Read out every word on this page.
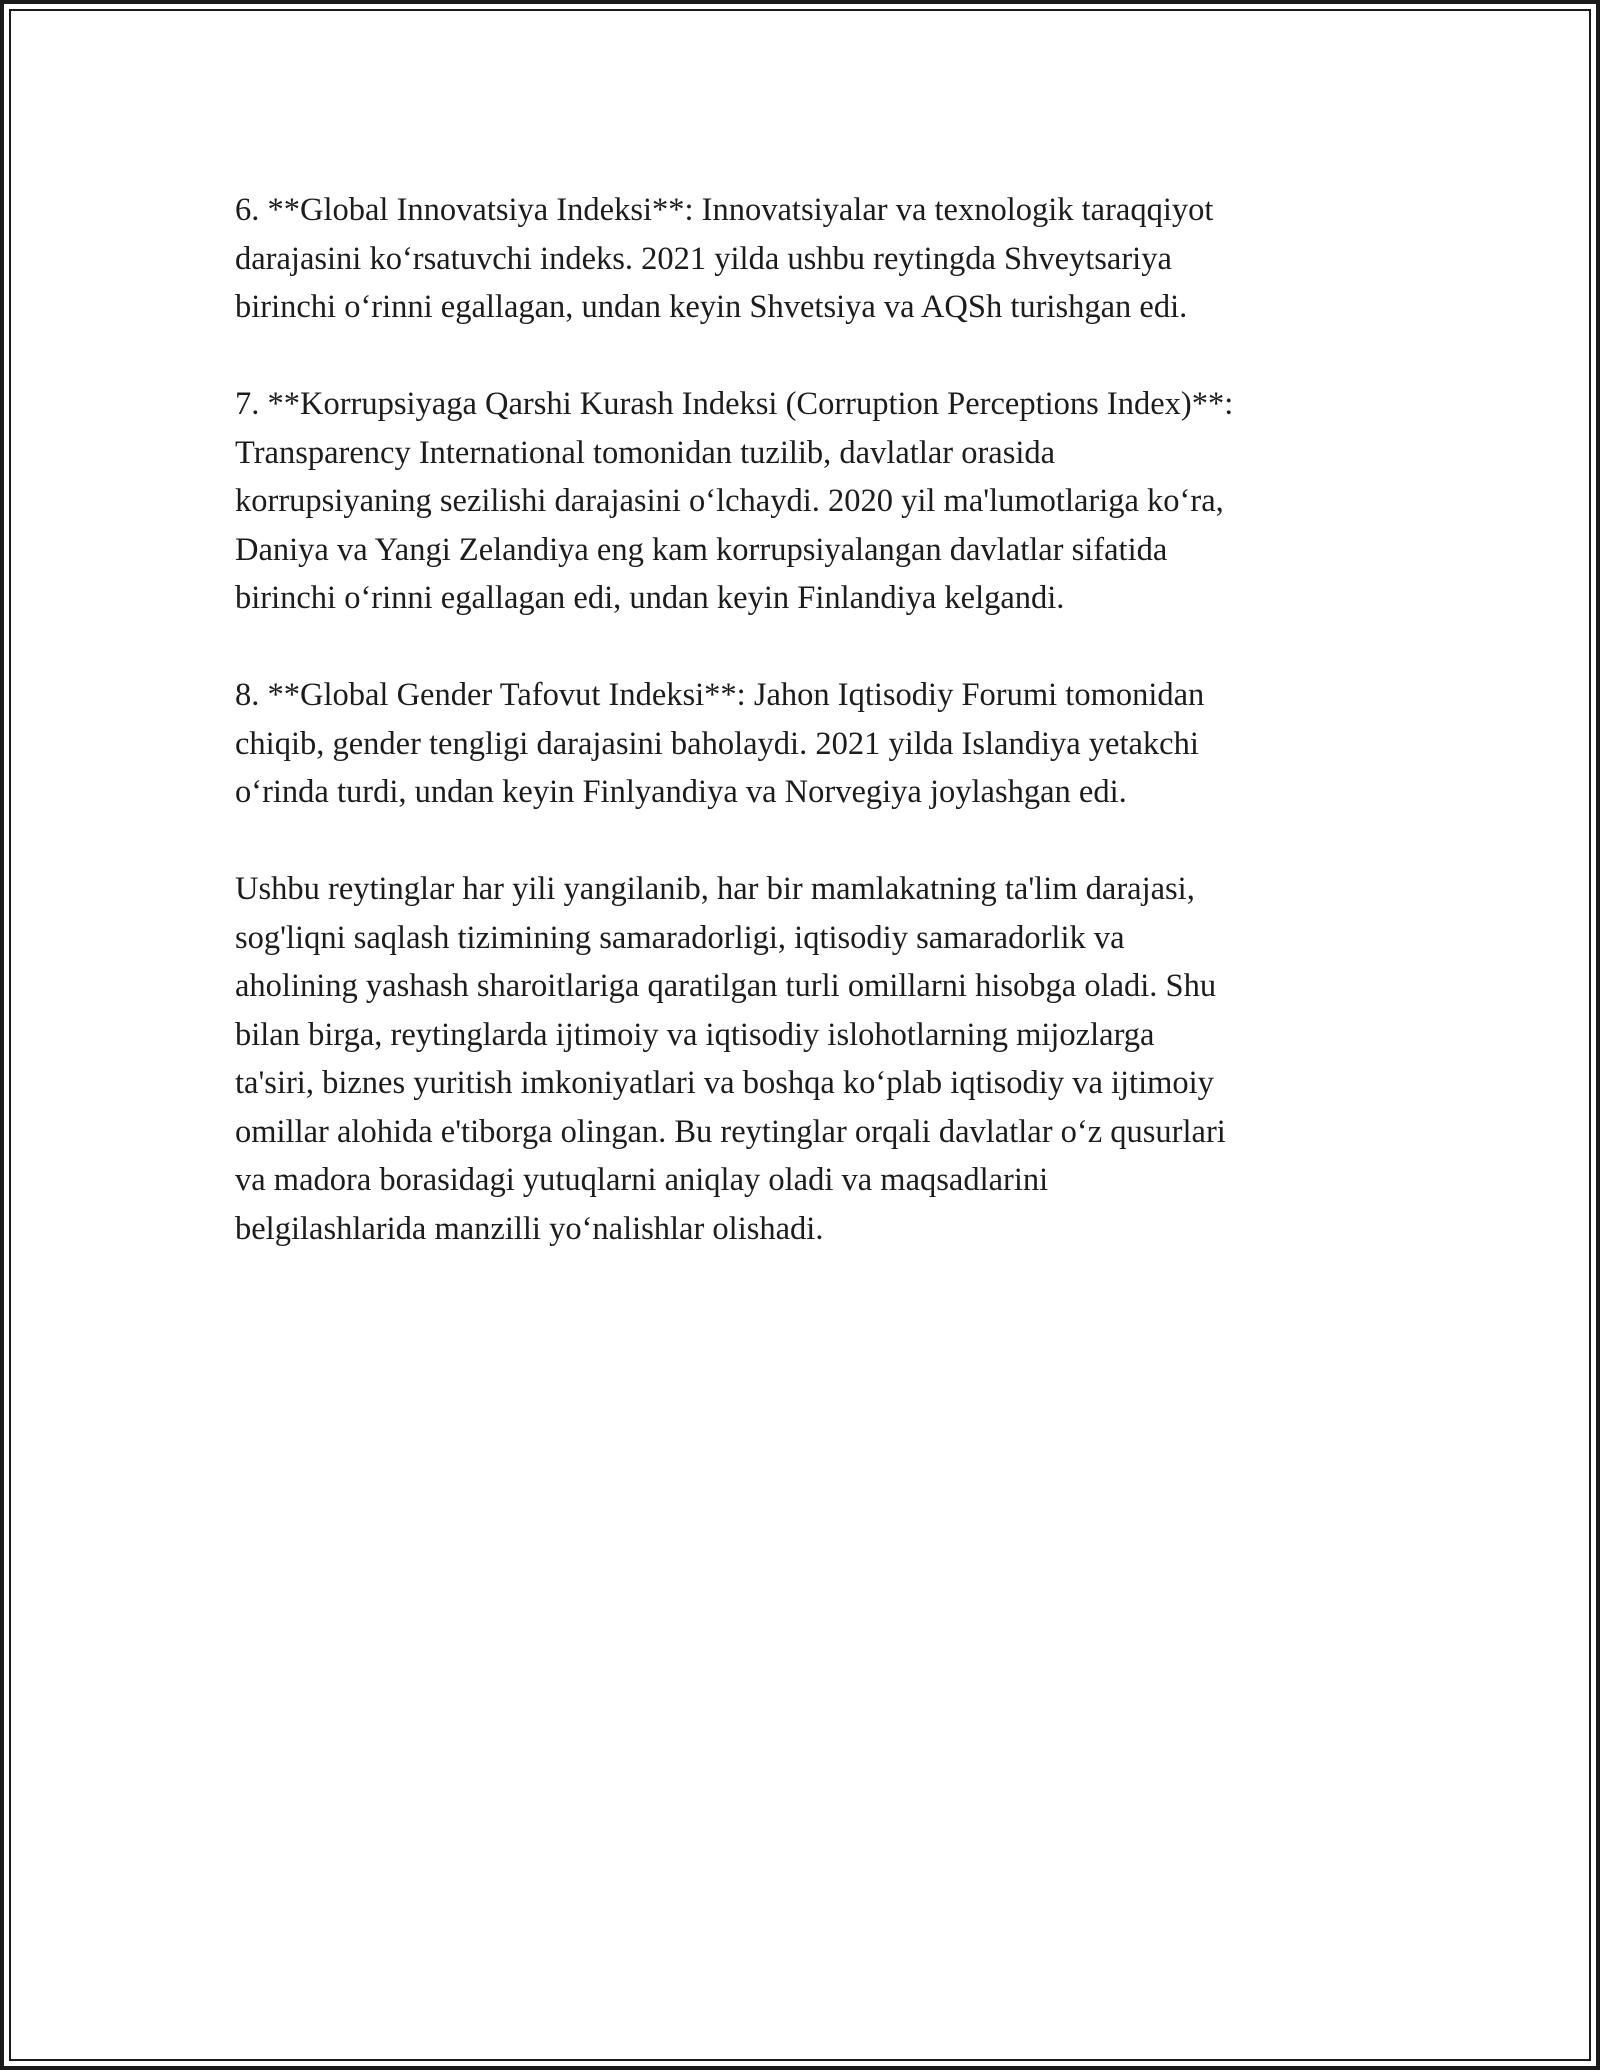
6. **Global Innovatsiya Indeksi**: Innovatsiyalar va texnologik taraqqiyot
darajasini ko‘rsatuvchi indeks. 2021 yilda ushbu reytingda Shveytsariya
birinchi o‘rinni egallagan, undan keyin Shvetsiya va AQSh turishgan edi.

7. **Korrupsiyaga Qarshi Kurash Indeksi (Corruption Perceptions Index)**:
Transparency International tomonidan tuzilib, davlatlar orasida
korrupsiyaning sezilishi darajasini o‘lchaydi. 2020 yil ma'lumotlariga ko‘ra,
Daniya va Yangi Zelandiya eng kam korrupsiyalangan davlatlar sifatida
birinchi o‘rinni egallagan edi, undan keyin Finlandiya kelgandi.

8. **Global Gender Tafovut Indeksi**: Jahon Iqtisodiy Forumi tomonidan
chiqib, gender tengligi darajasini baholaydi. 2021 yilda Islandiya yetakchi
o‘rinda turdi, undan keyin Finlyandiya va Norvegiya joylashgan edi.

Ushbu reytinglar har yili yangilanib, har bir mamlakatning ta'lim darajasi,
sog'liqni saqlash tizimining samaradorligi, iqtisodiy samaradorlik va
aholining yashash sharoitlariga qaratilgan turli omillarni hisobga oladi. Shu
bilan birga, reytinglarda ijtimoiy va iqtisodiy islohotlarning mijozlarga
ta'siri, biznes yuritish imkoniyatlari va boshqa ko‘plab iqtisodiy va ijtimoiy
omillar alohida e'tiborga olingan. Bu reytinglar orqali davlatlar o‘z qusurlari
va madora borasidagi yutuqlarni aniqlay oladi va maqsadlarini
belgilashlarida manzilli yo‘nalishlar olishadi.
